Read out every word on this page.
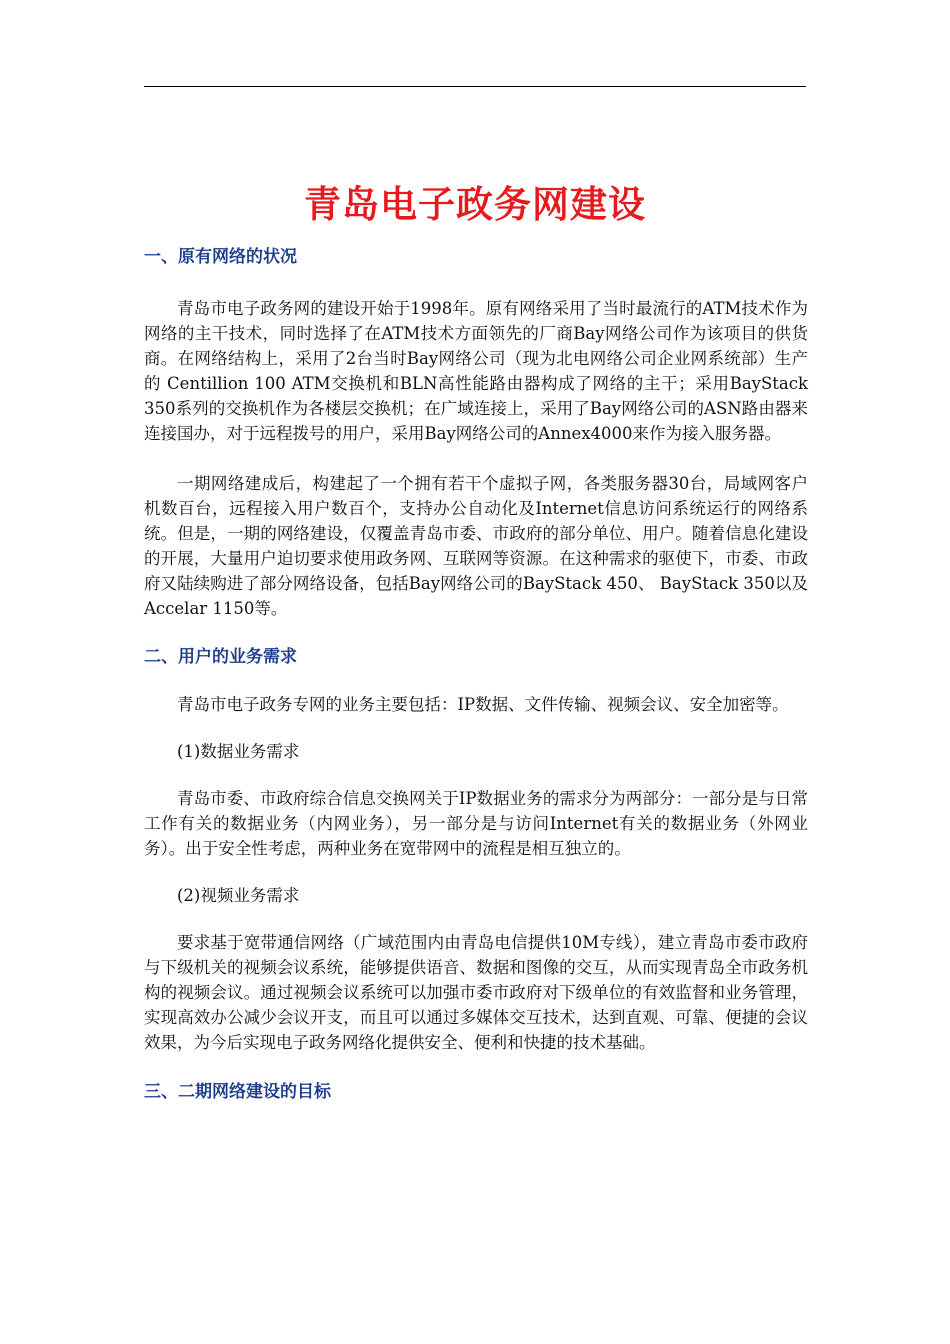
青岛电子政务网建设
一、原有网络的状况

青岛市电子政务网的建设开始于1998年。原有网络采用了当时最流行的ATM技术作为网络的主干技术，同时选择了在ATM技术方面领先的厂商Bay网络公司作为该项目的供货商。在网络结构上，采用了2台当时Bay网络公司（现为北电网络公司企业网系统部）生产的 Centillion 100 ATM交换机和BLN高性能路由器构成了网络的主干；采用BayStack 350系列的交换机作为各楼层交换机；在广域连接上，采用了Bay网络公司的ASN路由器来连接国办，对于远程拨号的用户，采用Bay网络公司的Annex4000来作为接入服务器。

一期网络建成后，构建起了一个拥有若干个虚拟子网，各类服务器30台，局域网客户机数百台，远程接入用户数百个，支持办公自动化及Internet信息访问系统运行的网络系统。但是，一期的网络建设，仅覆盖青岛市委、市政府的部分单位、用户。随着信息化建设的开展，大量用户迫切要求使用政务网、互联网等资源。在这种需求的驱使下，市委、市政府又陆续购进了部分网络设备，包括Bay网络公司的BayStack 450、 BayStack 350以及Accelar 1150等。

二、用户的业务需求

青岛市电子政务专网的业务主要包括：IP数据、文件传输、视频会议、安全加密等。

(1)数据业务需求

青岛市委、市政府综合信息交换网关于IP数据业务的需求分为两部分：一部分是与日常工作有关的数据业务（内网业务），另一部分是与访问Internet有关的数据业务（外网业务）。出于安全性考虑，两种业务在宽带网中的流程是相互独立的。

(2)视频业务需求

要求基于宽带通信网络（广域范围内由青岛电信提供10M专线），建立青岛市委市政府与下级机关的视频会议系统，能够提供语音、数据和图像的交互，从而实现青岛全市政务机构的视频会议。通过视频会议系统可以加强市委市政府对下级单位的有效监督和业务管理，实现高效办公减少会议开支，而且可以通过多媒体交互技术，达到直观、可靠、便捷的会议效果，为今后实现电子政务网络化提供安全、便利和快捷的技术基础。

三、二期网络建设的目标
